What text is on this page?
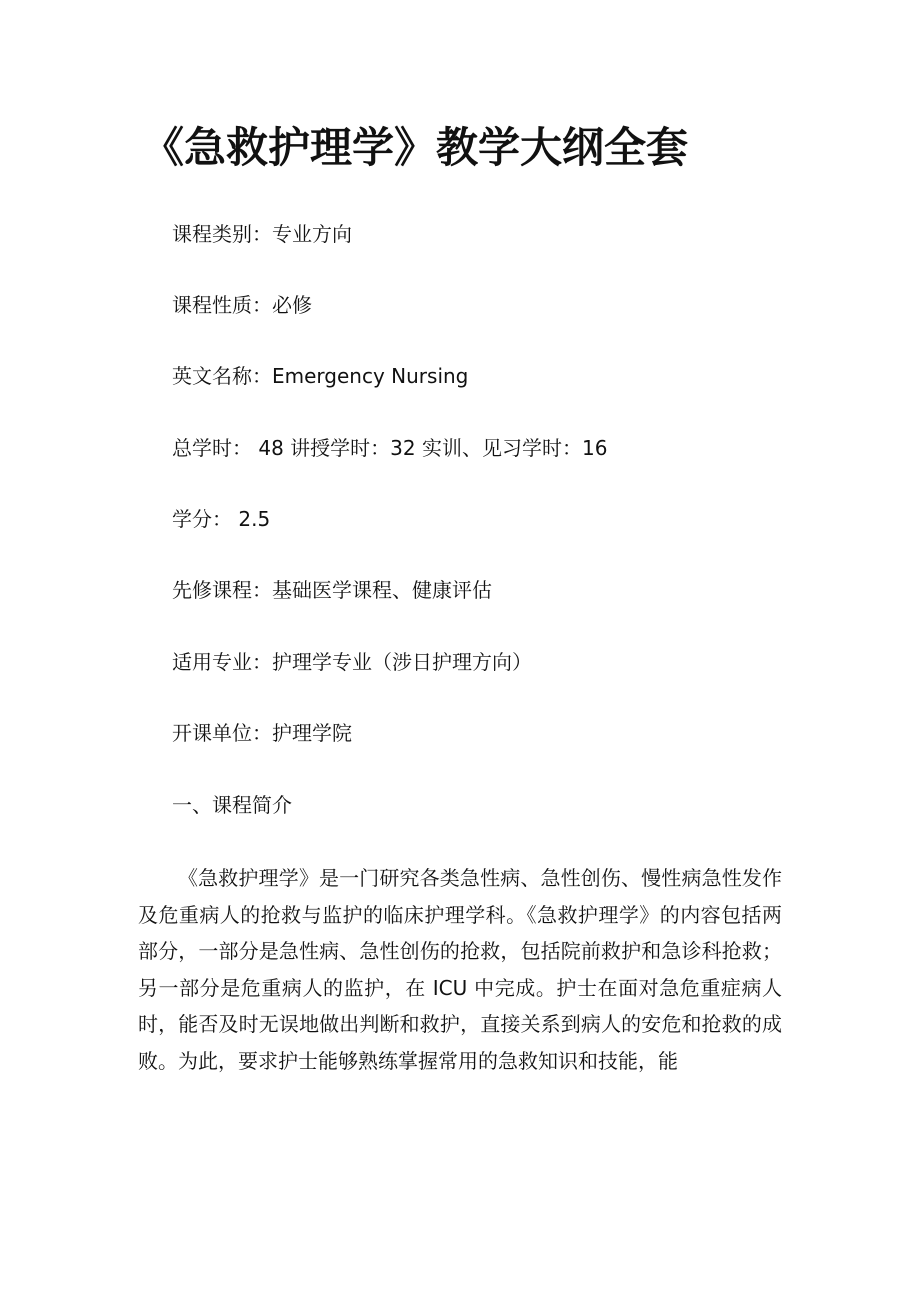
《急救护理学》教学大纲全套

课程类别：专业方向

课程性质：必修

英文名称：Emergency Nursing

总学时： 48 讲授学时：32 实训、见习学时：16

学分： 2.5

先修课程：基础医学课程、健康评估

适用专业：护理学专业（涉日护理方向）

开课单位：护理学院

一、课程简介

《急救护理学》是一门研究各类急性病、急性创伤、慢性病急性发作及危重病人的抢救与监护的临床护理学科。《急救护理学》的内容包括两部分，一部分是急性病、急性创伤的抢救，包括院前救护和急诊科抢救；另一部分是危重病人的监护，在 ICU 中完成。护士在面对急危重症病人时，能否及时无误地做出判断和救护，直接关系到病人的安危和抢救的成败。为此，要求护士能够熟练掌握常用的急救知识和技能，能
